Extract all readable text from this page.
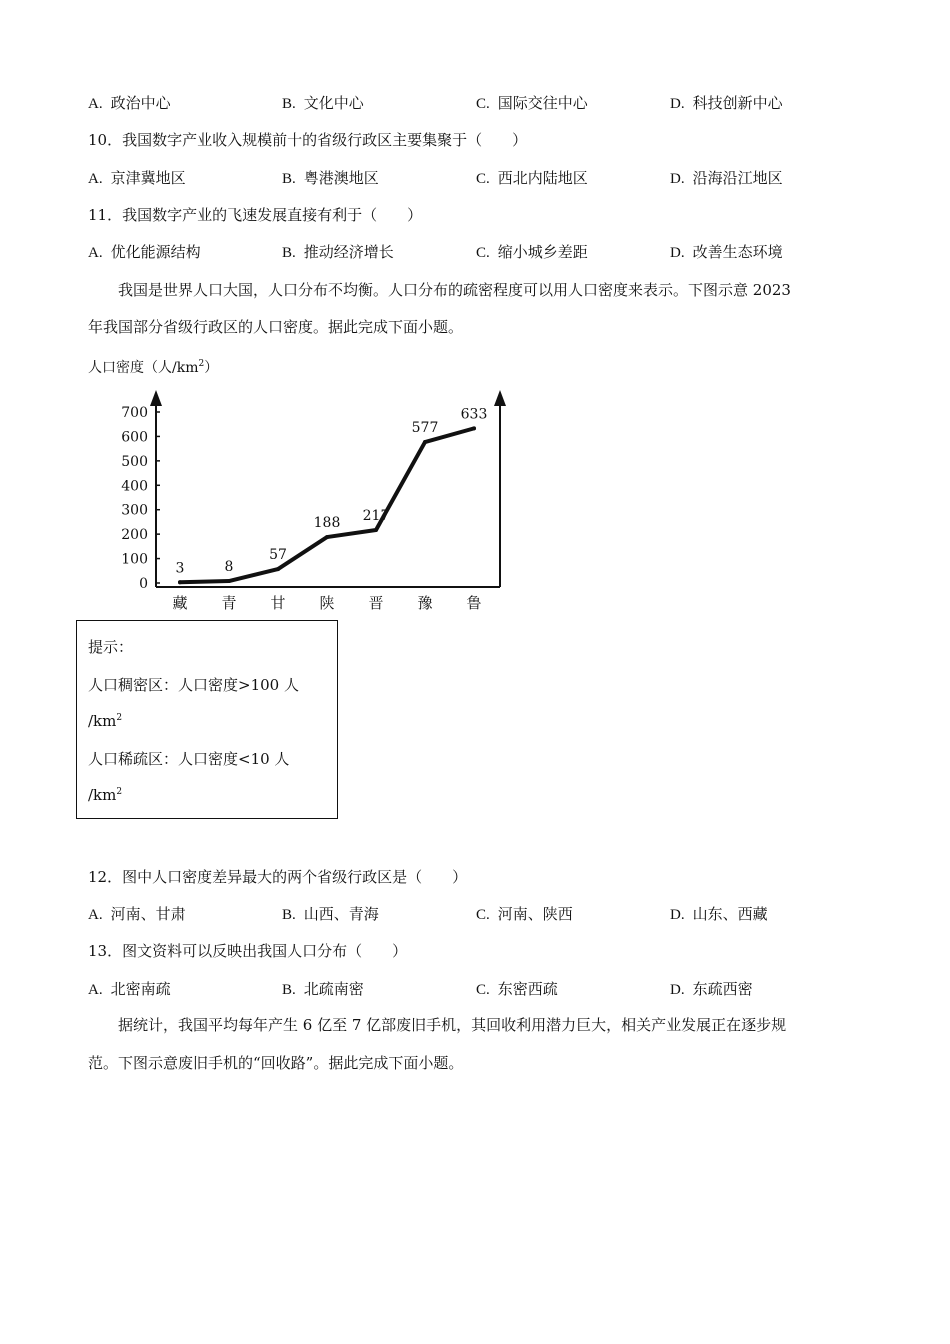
A. 政治中心	B. 文化中心	C. 国际交往中心	D. 科技创新中心
10．我国数字产业收入规模前十的省级行政区主要集聚于（　　）
A. 京津冀地区	B. 粤港澳地区	C. 西北内陆地区	D. 沿海沿江地区
11．我国数字产业的飞速发展直接有利于（　　）
A. 优化能源结构	B. 推动经济增长	C. 缩小城乡差距	D. 改善生态环境
我国是世界人口大国，人口分布不均衡。人口分布的疏密程度可以用人口密度来表示。下图示意 2023
年我国部分省级行政区的人口密度。据此完成下面小题。
人口密度（人$/km^2$）
0
100
200
300
400
500
600
700
3	8
57
188 217
577
633
藏 青 甘 陕 晋 豫 鲁
提示：
人口稠密区：人口密度>100 人
$/km^2$
人口稀疏区：人口密度<10 人
$/km^2$
12．图中人口密度差异最大的两个省级行政区是（　　）
A. 河南、甘肃	B. 山西、青海	C. 河南、陕西	D. 山东、西藏
13．图文资料可以反映出我国人口分布（　　）
A. 北密南疏	B. 北疏南密	C. 东密西疏	D. 东疏西密
据统计，我国平均每年产生 6 亿至 7 亿部废旧手机，其回收利用潜力巨大，相关产业发展正在逐步规
范。下图示意废旧手机的“回收路”。据此完成下面小题。
